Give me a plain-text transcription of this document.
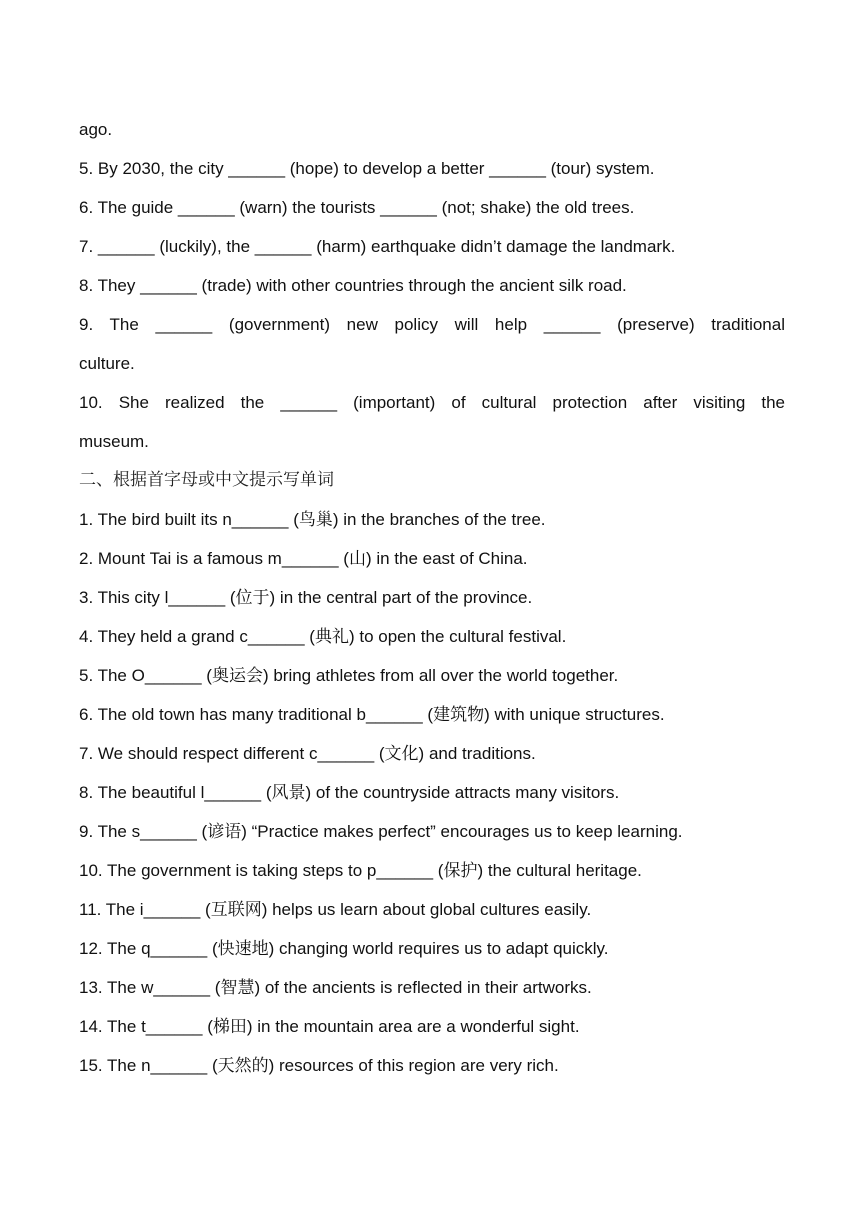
ago.

5. By 2030, the city ______ (hope) to develop a better ______ (tour) system.

6. The guide ______ (warn) the tourists ______ (not; shake) the old trees.

7. ______ (luckily), the ______ (harm) earthquake didn’t damage the landmark.

8. They ______ (trade) with other countries through the ancient silk road.

9. The ______ (government) new policy will help ______ (preserve) traditional

culture.

10. She realized the ______ (important) of cultural protection after visiting the

museum.

二、根据首字母或中文提示写单词

1. The bird built its n______ (鸟巢) in the branches of the tree.

2. Mount Tai is a famous m______ (山) in the east of China.

3. This city l______ (位于) in the central part of the province.

4. They held a grand c______ (典礼) to open the cultural festival.

5. The O______ (奥运会) bring athletes from all over the world together.

6. The old town has many traditional b______ (建筑物) with unique structures.

7. We should respect different c______ (文化) and traditions.

8. The beautiful l______ (风景) of the countryside attracts many visitors.

9. The s______ (谚语) “Practice makes perfect” encourages us to keep learning.

10. The government is taking steps to p______ (保护) the cultural heritage.

11. The i______ (互联网) helps us learn about global cultures easily.

12. The q______ (快速地) changing world requires us to adapt quickly.

13. The w______ (智慧) of the ancients is reflected in their artworks.

14. The t______ (梯田) in the mountain area are a wonderful sight.

15. The n______ (天然的) resources of this region are very rich.
